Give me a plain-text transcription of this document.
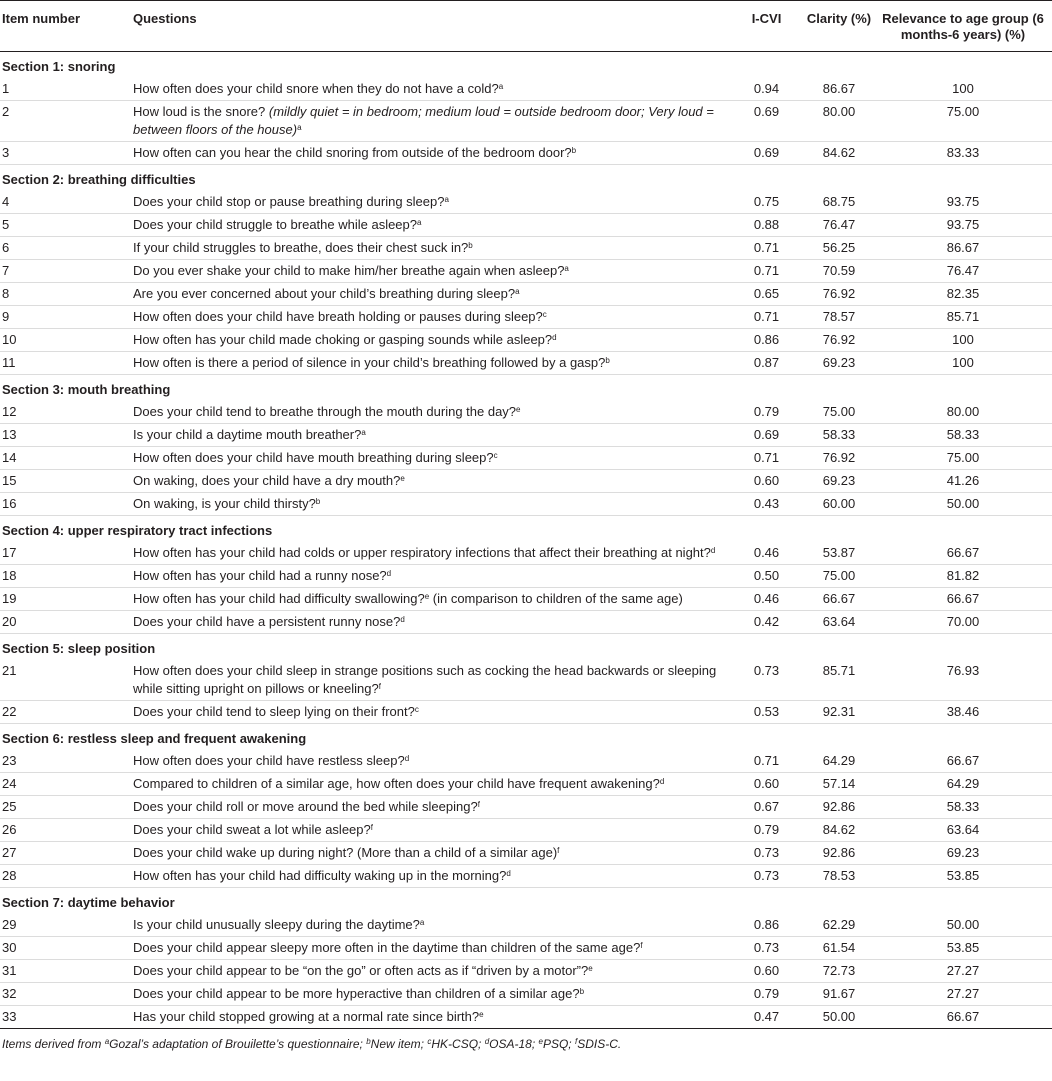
Item number	Questions	I-CVI	Clarity (%)	Relevance to age group (6 months-6 years) (%)
Section 1: snoring				
1	How often does your child snore when they do not have a cold?$^a$	0.94	86.67	100
2	How loud is the snore? (mildly quiet = in bedroom; medium loud = outside bedroom door; Very loud = between floors of the house)$^a$	0.69	80.00	75.00
3	How often can you hear the child snoring from outside of the bedroom door?$^b$	0.69	84.62	83.33
Section 2: breathing difficulties				
4	Does your child stop or pause breathing during sleep?$^a$	0.75	68.75	93.75
5	Does your child struggle to breathe while asleep?$^a$	0.88	76.47	93.75
6	If your child struggles to breathe, does their chest suck in?$^b$	0.71	56.25	86.67
7	Do you ever shake your child to make him/her breathe again when asleep?$^a$	0.71	70.59	76.47
8	Are you ever concerned about your child’s breathing during sleep?$^a$	0.65	76.92	82.35
9	How often does your child have breath holding or pauses during sleep?$^c$	0.71	78.57	85.71
10	How often has your child made choking or gasping sounds while asleep?$^d$	0.86	76.92	100
11	How often is there a period of silence in your child’s breathing followed by a gasp?$^b$	0.87	69.23	100
Section 3: mouth breathing				
12	Does your child tend to breathe through the mouth during the day?$^e$	0.79	75.00	80.00
13	Is your child a daytime mouth breather?$^a$	0.69	58.33	58.33
14	How often does your child have mouth breathing during sleep?$^c$	0.71	76.92	75.00
15	On waking, does your child have a dry mouth?$^e$	0.60	69.23	41.26
16	On waking, is your child thirsty?$^b$	0.43	60.00	50.00
Section 4: upper respiratory tract infections				
17	How often has your child had colds or upper respiratory infections that affect their breathing at night?$^d$	0.46	53.87	66.67
18	How often has your child had a runny nose?$^d$	0.50	75.00	81.82
19	How often has your child had difficulty swallowing?$^e$ (in comparison to children of the same age)	0.46	66.67	66.67
20	Does your child have a persistent runny nose?$^d$	0.42	63.64	70.00
Section 5: sleep position				
21	How often does your child sleep in strange positions such as cocking the head backwards or sleeping while sitting upright on pillows or kneeling?$^f$	0.73	85.71	76.93
22	Does your child tend to sleep lying on their front?$^c$	0.53	92.31	38.46
Section 6: restless sleep and frequent awakening				
23	How often does your child have restless sleep?$^d$	0.71	64.29	66.67
24	Compared to children of a similar age, how often does your child have frequent awakening?$^d$	0.60	57.14	64.29
25	Does your child roll or move around the bed while sleeping?$^f$	0.67	92.86	58.33
26	Does your child sweat a lot while asleep?$^f$	0.79	84.62	63.64
27	Does your child wake up during night? (More than a child of a similar age)$^f$	0.73	92.86	69.23
28	How often has your child had difficulty waking up in the morning?$^d$	0.73	78.53	53.85
Section 7: daytime behavior				
29	Is your child unusually sleepy during the daytime?$^a$	0.86	62.29	50.00
30	Does your child appear sleepy more often in the daytime than children of the same age?$^f$	0.73	61.54	53.85
31	Does your child appear to be “on the go” or often acts as if “driven by a motor”?$^e$	0.60	72.73	27.27
32	Does your child appear to be more hyperactive than children of a similar age?$^b$	0.79	91.67	27.27
33	Has your child stopped growing at a normal rate since birth?$^e$	0.47	50.00	66.67
Items derived from $^a$Gozal’s adaptation of Brouilette’s questionnaire; $^b$New item; $^c$HK-CSQ; $^d$OSA-18; $^e$PSQ; $^f$SDIS-C.
